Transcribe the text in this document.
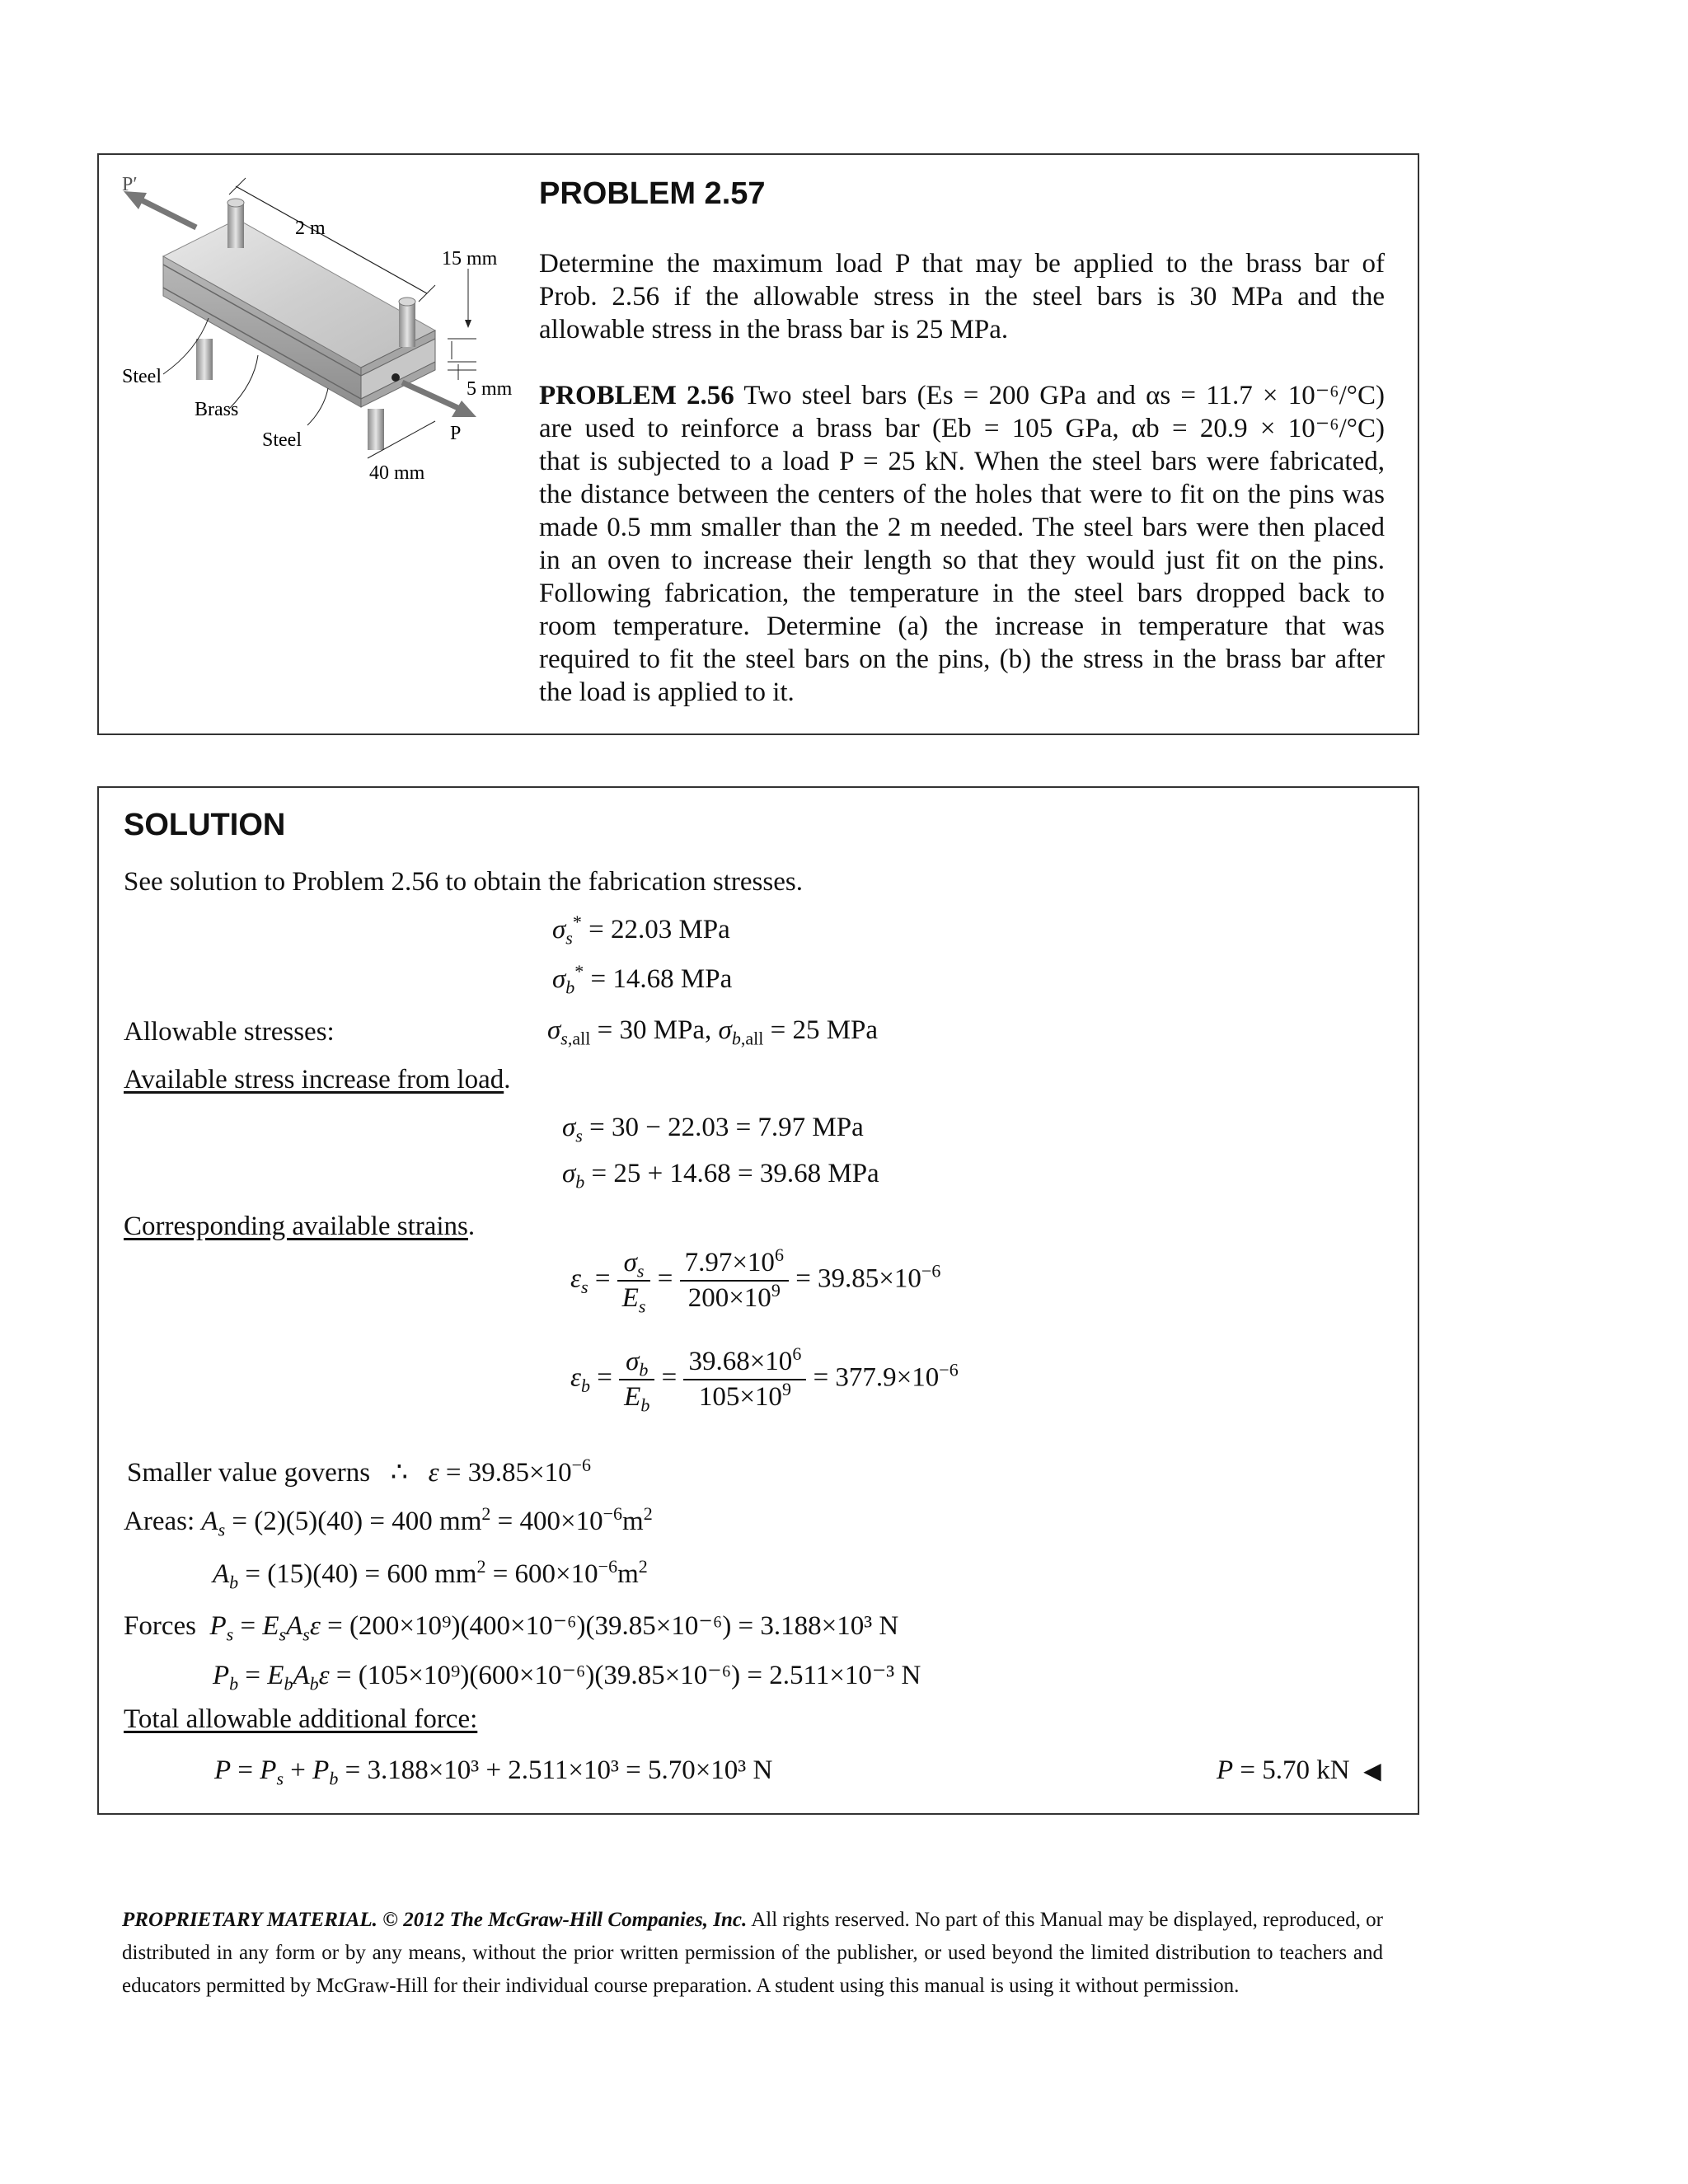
P′
2 m
15 mm
5 mm
P
Steel
Brass
Steel
40 mm
PROBLEM 2.57
Determine the maximum load P that may be applied to the brass bar of
Prob. 2.56 if the allowable stress in the steel bars is 30 MPa and the
allowable stress in the brass bar is 25 MPa.
PROBLEM 2.56 Two steel bars (Es = 200 GPa and αs = 11.7 × 10⁻⁶/°C)
are used to reinforce a brass bar (Eb = 105 GPa, αb = 20.9 × 10⁻⁶/°C)
that is subjected to a load P = 25 kN. When the steel bars were fabricated,
the distance between the centers of the holes that were to fit on the pins was
made 0.5 mm smaller than the 2 m needed. The steel bars were then placed
in an oven to increase their length so that they would just fit on the pins.
Following fabrication, the temperature in the steel bars dropped back to
room temperature. Determine (a) the increase in temperature that was
required to fit the steel bars on the pins, (b) the stress in the brass bar after
the load is applied to it.
SOLUTION
See solution to Problem 2.56 to obtain the fabrication stresses.
$\sigma_s^* = 22.03$ MPa
$\sigma_b^* = 14.68$ MPa
Allowable stresses:	$\sigma_{s,all} = 30$ MPa, $\sigma_{b,all} = 25$ MPa
Available stress increase from load.
$\sigma_s = 30 - 22.03 = 7.97$ MPa
$\sigma_b = 25 + 14.68 = 39.68$ MPa
Corresponding available strains.
$\varepsilon_s = \frac{\sigma_s}{E_s} = \frac{7.97\times 10^6}{200\times 10^9} = 39.85\times 10^{-6}$
$\varepsilon_b = \frac{\sigma_b}{E_b} = \frac{39.68\times 10^6}{105\times 10^9} = 377.9\times 10^{-6}$
Smaller value governs   ∴   $\varepsilon = 39.85\times 10^{-6}$
Areas: $A_s = (2)(5)(40) = 400$ $mm^2 = 400\times 10^{-6}m^2$
$A_b = (15)(40) = 600$ $mm^2 = 600\times 10^{-6}m^2$
Forces $P_s = E_sA_s\varepsilon = (200\times 10^9)(400\times 10^{-6})(39.85\times 10^{-6}) = 3.188\times 10^3$ N
$P_b = E_bA_b\varepsilon = (105\times 10^9)(600\times 10^{-6})(39.85\times 10^{-6}) = 2.511\times 10^{-3}$ N
Total allowable additional force:
$P = P_s + P_b = 3.188\times 10^3 + 2.511\times 10^3 = 5.70\times 10^3$ N	P = 5.70 kN ◀
PROPRIETARY MATERIAL. © 2012 The McGraw-Hill Companies, Inc. All rights reserved. No part of this Manual may be displayed, reproduced, or distributed in any form or by any means, without the prior written permission of the publisher, or used beyond the limited distribution to teachers and educators permitted by McGraw-Hill for their individual course preparation. A student using this manual is using it without permission.
